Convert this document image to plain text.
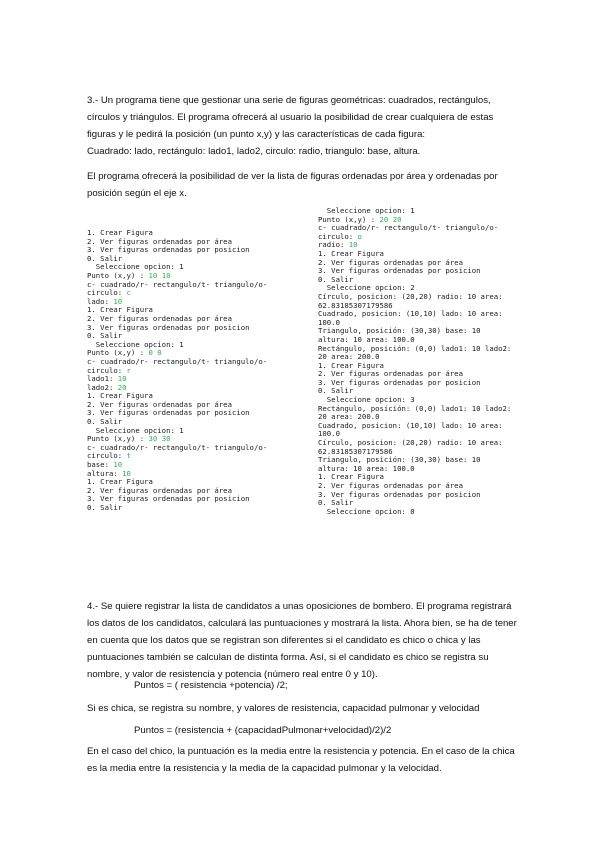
3.- Un programa tiene que gestionar una serie de figuras geométricas: cuadrados, rectángulos, círculos y triángulos. El programa ofrecerá al usuario la posibilidad de crear cualquiera de estas figuras y le pedirá la posición (un punto x,y) y las características de cada figura:

Cuadrado: lado, rectángulo: lado1, lado2, circulo: radio, triangulo: base, altura.

El programa ofrecerá la posibilidad de ver la lista de figuras ordenadas por área y ordenadas por posición según el eje x.

1. Crear Figura
2. Ver figuras ordenadas por área
3. Ver figuras ordenadas por posicion
0. Salir
Seleccione opcion: 1
Punto (x,y) : 10 10
c- cuadrado/r- rectangulo/t- triangulo/o-
circulo: c
lado: 10
1. Crear Figura
2. Ver figuras ordenadas por área
3. Ver figuras ordenadas por posicion
0. Salir
Seleccione opcion: 1
Punto (x,y) : 0 0
c- cuadrado/r- rectangulo/t- triangulo/o-
circulo: r
lado1: 10
lado2: 20
1. Crear Figura
2. Ver figuras ordenadas por área
3. Ver figuras ordenadas por posicion
0. Salir
Seleccione opcion: 1
Punto (x,y) : 30 30
c- cuadrado/r- rectangulo/t- triangulo/o-
circulo: t
base: 10
altura: 10
1. Crear Figura
2. Ver figuras ordenadas por área
3. Ver figuras ordenadas por posicion
0. Salir
Seleccione opcion: 1
Punto (x,y) : 20 20
c- cuadrado/r- rectangulo/t- triangulo/o-
circulo: o
radio: 10
1. Crear Figura
2. Ver figuras ordenadas por área
3. Ver figuras ordenadas por posicion
0. Salir
Seleccione opcion: 2
Círculo, posicion: (20,20) radio: 10 area:
62.83185307179586
Cuadrado, posicion: (10,10) lado: 10 area:
100.0
Triangulo, posición: (30,30) base: 10
altura: 10 area: 100.0
Rectángulo, posición: (0,0) lado1: 10 lado2:
20 area: 200.0
1. Crear Figura
2. Ver figuras ordenadas por área
3. Ver figuras ordenadas por posicion
0. Salir
Seleccione opcion: 3
Rectángulo, posición: (0,0) lado1: 10 lado2:
20 area: 200.0
Cuadrado, posicion: (10,10) lado: 10 area:
100.0
Círculo, posicion: (20,20) radio: 10 area:
62.83185307179586
Triangulo, posición: (30,30) base: 10
altura: 10 area: 100.0
1. Crear Figura
2. Ver figuras ordenadas por área
3. Ver figuras ordenadas por posicion
0. Salir
Seleccione opcion: 0

4.- Se quiere registrar la lista de candidatos a unas oposiciones de bombero. El programa registrará los datos de los candidatos, calculará las puntuaciones y mostrará la lista. Ahora bien, se ha de tener en cuenta que los datos que se registran son diferentes si el candidato es chico o chica y las puntuaciones también se calculan de distinta forma. Así, si el candidato es chico se registra su nombre, y valor de resistencia y potencia (número real entre 0 y 10).

Puntos = ( resistencia +potencia) /2;

Si es chica, se registra su nombre, y valores de resistencia, capacidad pulmonar y velocidad

Puntos = (resistencia + (capacidadPulmonar+velocidad)/2)/2

En el caso del chico, la puntuación es la media entre la resistencia y potencia. En el caso de la chica es la media entre la resistencia y la media de la capacidad pulmonar y la velocidad.
